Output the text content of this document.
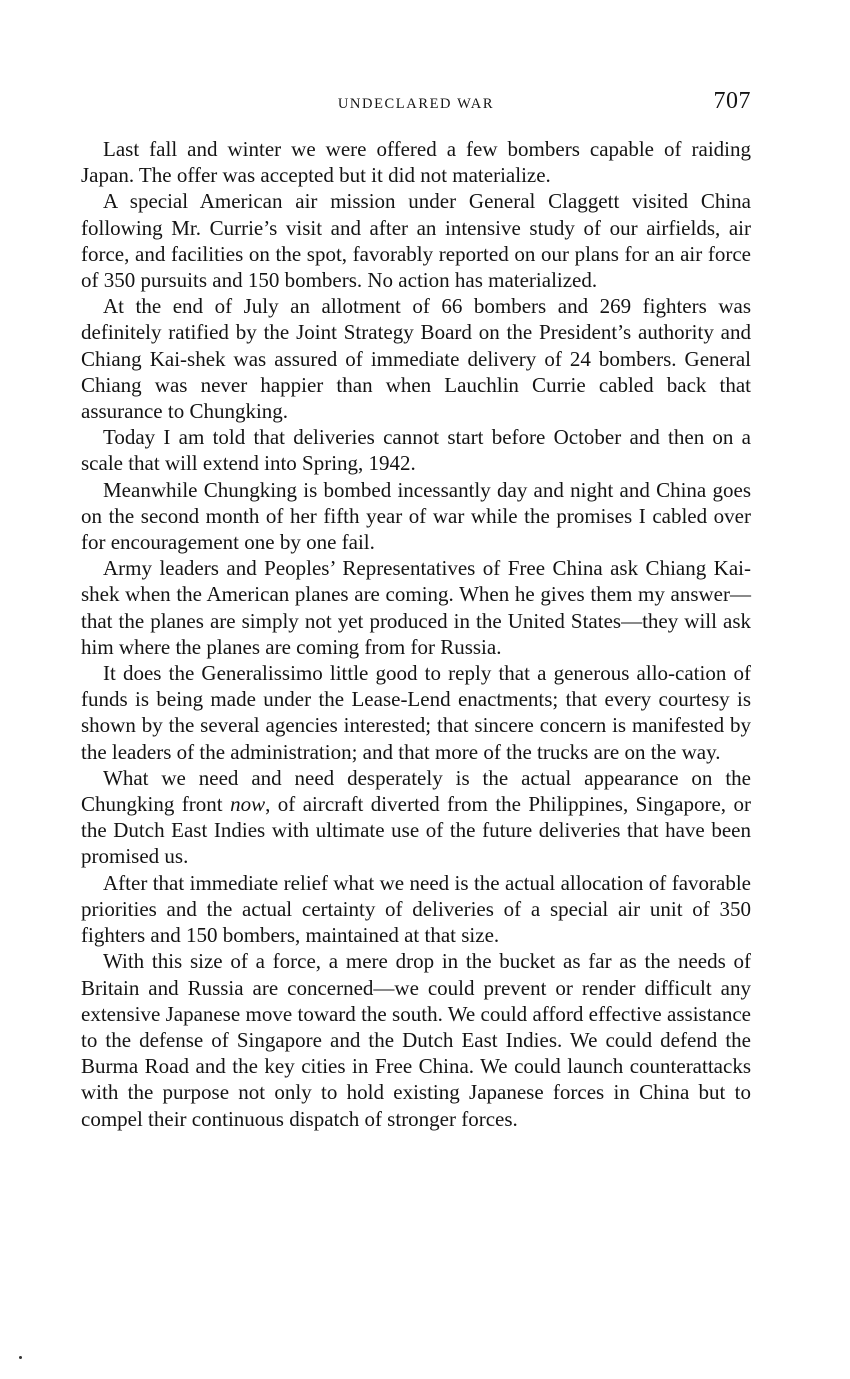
UNDECLARED WAR	707

Last fall and winter we were offered a few bombers capable of raiding Japan. The offer was accepted but it did not materialize.

A special American air mission under General Claggett visited China following Mr. Currie’s visit and after an intensive study of our airfields, air force, and facilities on the spot, favorably reported on our plans for an air force of 350 pursuits and 150 bombers. No action has materialized.

At the end of July an allotment of 66 bombers and 269 fighters was definitely ratified by the Joint Strategy Board on the President’s authority and Chiang Kai-shek was assured of immediate delivery of 24 bombers. General Chiang was never happier than when Lauchlin Currie cabled back that assurance to Chungking.

Today I am told that deliveries cannot start before October and then on a scale that will extend into Spring, 1942.

Meanwhile Chungking is bombed incessantly day and night and China goes on the second month of her fifth year of war while the promises I cabled over for encouragement one by one fail.

Army leaders and Peoples’ Representatives of Free China ask Chiang Kai-shek when the American planes are coming. When he gives them my answer—that the planes are simply not yet produced in the United States—they will ask him where the planes are coming from for Russia.

It does the Generalissimo little good to reply that a generous allo-cation of funds is being made under the Lease-Lend enactments; that every courtesy is shown by the several agencies interested; that sincere concern is manifested by the leaders of the administration; and that more of the trucks are on the way.

What we need and need desperately is the actual appearance on the Chungking front now, of aircraft diverted from the Philippines, Singapore, or the Dutch East Indies with ultimate use of the future deliveries that have been promised us.

After that immediate relief what we need is the actual allocation of favorable priorities and the actual certainty of deliveries of a special air unit of 350 fighters and 150 bombers, maintained at that size.

With this size of a force, a mere drop in the bucket as far as the needs of Britain and Russia are concerned—we could prevent or render difficult any extensive Japanese move toward the south. We could afford effective assistance to the defense of Singapore and the Dutch East Indies. We could defend the Burma Road and the key cities in Free China. We could launch counterattacks with the purpose not only to hold existing Japanese forces in China but to compel their continuous dispatch of stronger forces.
